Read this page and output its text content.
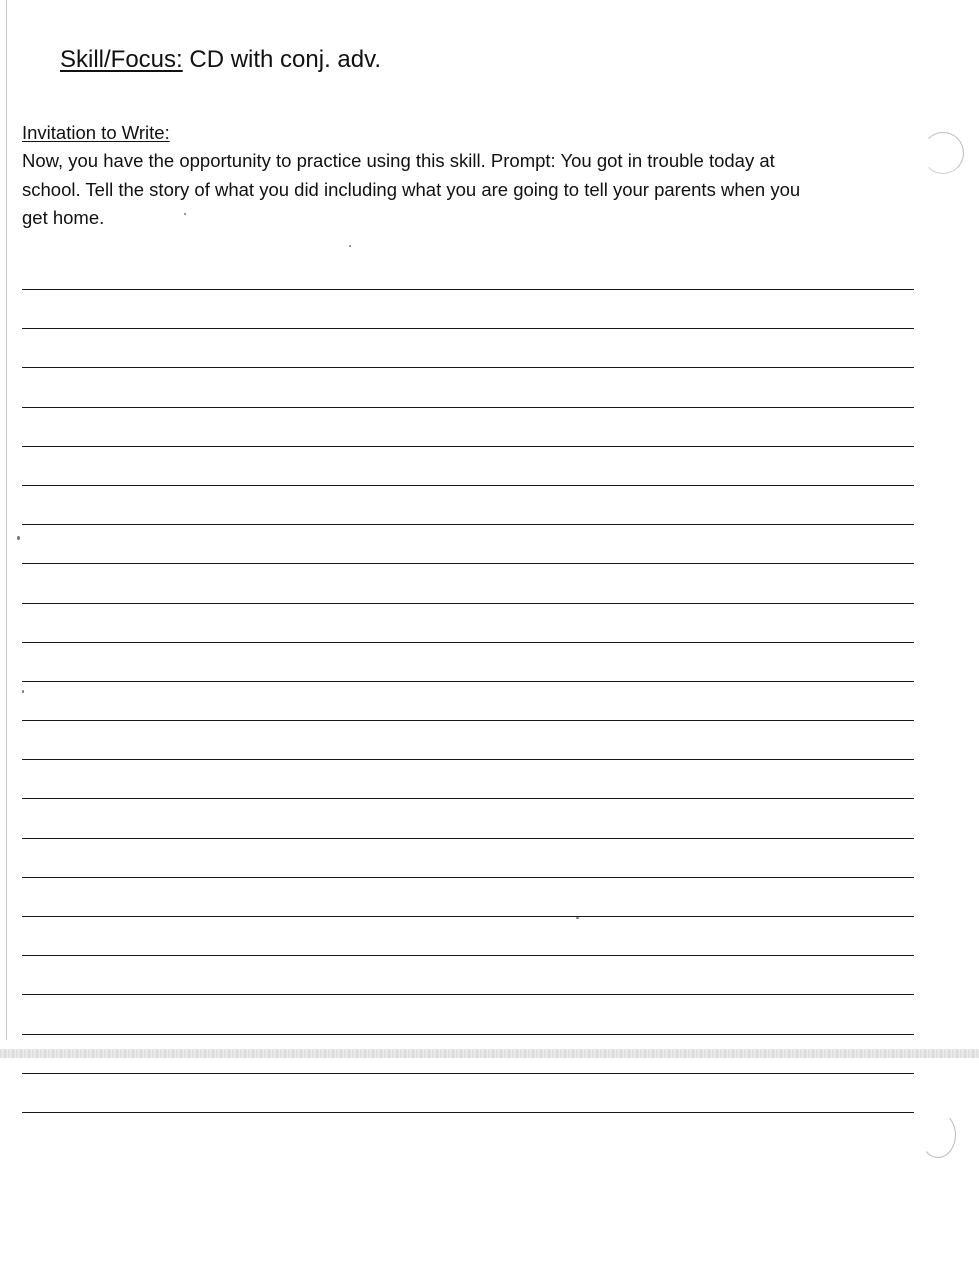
Skill/Focus: CD with conj. adv.
Invitation to Write:
Now, you have the opportunity to practice using this skill. Prompt: You got in trouble today at
school. Tell the story of what you did including what you are going to tell your parents when you
get home.
